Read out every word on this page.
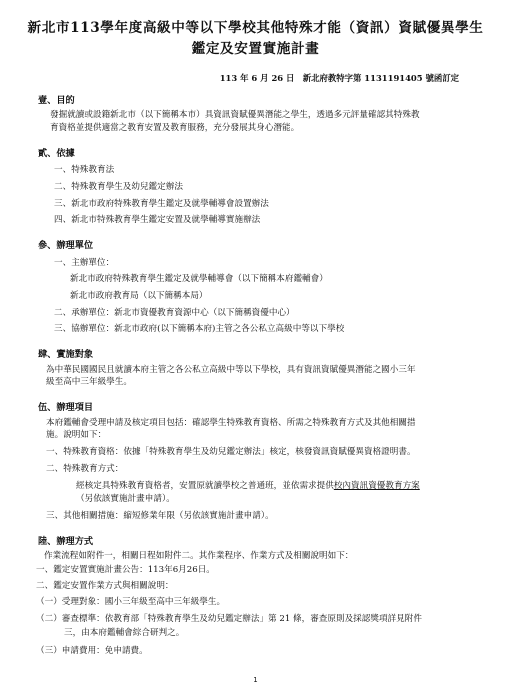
新北市113學年度高級中等以下學校其他特殊才能（資訊）資賦優異學生
鑑定及安置實施計畫
113 年 6 月 26 日　新北府教特字第 1131191405 號函訂定
壹、目的

發掘就讀或設籍新北市（以下簡稱本市）具資訊資賦優異潛能之學生，透過多元評量確認其特殊教

育資格並提供適當之教育安置及教育服務，充分發展其身心潛能。

貳、依據
一、特殊教育法
二、特殊教育學生及幼兒鑑定辦法
三、新北市政府特殊教育學生鑑定及就學輔導會設置辦法
四、新北市特殊教育學生鑑定安置及就學輔導實施辦法
參、辦理單位
一、主辦單位：
新北市政府特殊教育學生鑑定及就學輔導會（以下簡稱本府鑑輔會）
新北市政府教育局（以下簡稱本局）
二、承辦單位：新北市資優教育資源中心（以下簡稱資優中心）
三、協辦單位：新北市政府(以下簡稱本府)主管之各公私立高級中等以下學校
肆、實施對象

為中華民國國民且就讀本府主管之各公私立高級中等以下學校，具有資訊資賦優異潛能之國小三年

級至高中三年級學生。

伍、辦理項目

本府鑑輔會受理申請及核定項目包括：確認學生特殊教育資格、所需之特殊教育方式及其他相關措

施。說明如下：

一、特殊教育資格：依據「特殊教育學生及幼兒鑑定辦法」核定，核發資訊資賦優異資格證明書。
二、特殊教育方式：
經核定具特殊教育資格者，安置原就讀學校之普通班，並依需求提供校內資訊資優教育方案
（另依該實施計畫申請）。
三、其他相關措施：縮短修業年限（另依該實施計畫申請）。
陸、辦理方式

作業流程如附件一，相關日程如附件二。其作業程序、作業方式及相關說明如下：

一、鑑定安置實施計畫公告：113年6月26日。
二、鑑定安置作業方式與相關說明：
（一）受理對象：國小三年級至高中三年級學生。
（二）審查標準：依教育部「特殊教育學生及幼兒鑑定辦法」第 21 條，審查原則及採認獎項詳見附件
三，由本府鑑輔會綜合研判之。
（三）申請費用：免申請費。
1
